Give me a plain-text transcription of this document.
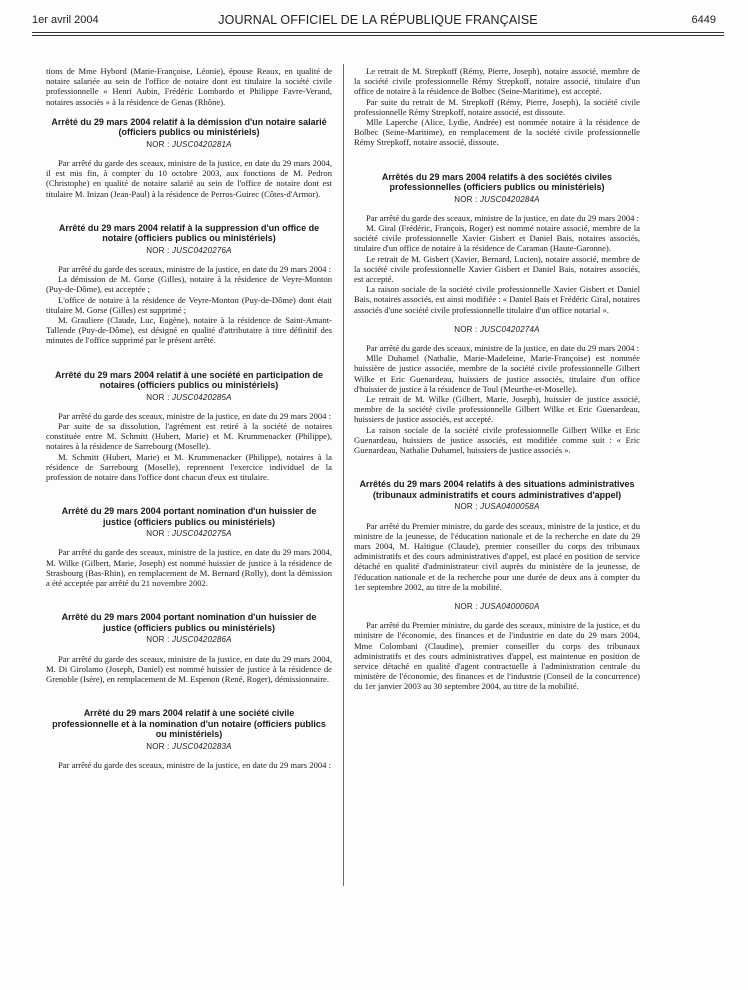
1er avril 2004	JOURNAL OFFICIEL DE LA RÉPUBLIQUE FRANÇAISE	6449

tions de Mme Hybord (Marie-Françoise, Léonie), épouse Reaux, en qualité de notaire salariée au sein de l'office de notaire dont est titulaire la société civile professionnelle « Henri Aubin, Frédéric Lombardo et Philippe Favre-Verand, notaires associés » à la résidence de Genas (Rhône).

Arrêté du 29 mars 2004 relatif à la démission d'un notaire salarié (officiers publics ou ministériels)
NOR : JUSC0420281A

Par arrêté du garde des sceaux, ministre de la justice, en date du 29 mars 2004, il est mis fin, à compter du 10 octobre 2003, aux fonctions de M. Pedron (Christophe) en qualité de notaire salarié au sein de l'office de notaire dont est titulaire M. Inizan (Jean-Paul) à la résidence de Perros-Guirec (Côtes-d'Armor).

Arrêté du 29 mars 2004 relatif à la suppression d'un office de notaire (officiers publics ou ministériels)
NOR : JUSC0420276A

Par arrêté du garde des sceaux, ministre de la justice, en date du 29 mars 2004 :

La démission de M. Gorse (Gilles), notaire à la résidence de Veyre-Monton (Puy-de-Dôme), est acceptée ;

L'office de notaire à la résidence de Veyre-Monton (Puy-de-Dôme) dont était titulaire M. Gorse (Gilles) est supprimé ;

M. Grauliere (Claude, Luc, Eugène), notaire à la résidence de Saint-Amant-Tallende (Puy-de-Dôme), est désigné en qualité d'attributaire à titre définitif des minutes de l'office supprimé par le présent arrêté.

Arrêté du 29 mars 2004 relatif à une société en participation de notaires (officiers publics ou ministériels)
NOR : JUSC0420285A

Par arrêté du garde des sceaux, ministre de la justice, en date du 29 mars 2004 :

Par suite de sa dissolution, l'agrément est retiré à la société de notaires constituée entre M. Schmitt (Hubert, Marie) et M. Krummenacker (Philippe), notaires à la résidence de Sarrebourg (Moselle).

M. Schmitt (Hubert, Marie) et M. Krummenacker (Philippe), notaires à la résidence de Sarrebourg (Moselle), reprennent l'exercice individuel de la profession de notaire dans l'office dont chacun d'eux est titulaire.

Arrêté du 29 mars 2004 portant nomination d'un huissier de justice (officiers publics ou ministériels)
NOR : JUSC0420275A

Par arrêté du garde des sceaux, ministre de la justice, en date du 29 mars 2004, M. Wilke (Gilbert, Marie, Joseph) est nommé huissier de justice à la résidence de Strasbourg (Bas-Rhin), en remplacement de M. Bernard (Rolly), dont la démission a été acceptée par arrêté du 21 novembre 2002.

Arrêté du 29 mars 2004 portant nomination d'un huissier de justice (officiers publics ou ministériels)
NOR : JUSC0420286A

Par arrêté du garde des sceaux, ministre de la justice, en date du 29 mars 2004, M. Di Girolamo (Joseph, Daniel) est nommé huissier de justice à la résidence de Grenoble (Isère), en remplacement de M. Espenon (René, Roger), démissionnaire.

Arrêté du 29 mars 2004 relatif à une société civile professionnelle et à la nomination d'un notaire (officiers publics ou ministériels)
NOR : JUSC0420283A

Par arrêté du garde des sceaux, ministre de la justice, en date du 29 mars 2004 :

Le retrait de M. Strepkoff (Rémy, Pierre, Joseph), notaire associé, membre de la société civile professionnelle Rémy Strepkoff, notaire associé, titulaire d'un office de notaire à la résidence de Bolbec (Seine-Maritime), est accepté.

Par suite du retrait de M. Strepkoff (Rémy, Pierre, Joseph), la société civile professionnelle Rémy Strepkoff, notaire associé, est dissoute.

Mlle Laperche (Alice, Lydie, Andrée) est nommée notaire à la résidence de Bolbec (Seine-Maritime), en remplacement de la société civile professionnelle Rémy Strepkoff, notaire associé, dissoute.

Arrêtés du 29 mars 2004 relatifs à des sociétés civiles professionnelles (officiers publics ou ministériels)
NOR : JUSC0420284A

Par arrêté du garde des sceaux, ministre de la justice, en date du 29 mars 2004 :

M. Giral (Frédéric, François, Roger) est nommé notaire associé, membre de la société civile professionnelle Xavier Gisbert et Daniel Bais, notaires associés, titulaire d'un office de notaire à la résidence de Caraman (Haute-Garonne).

Le retrait de M. Gisbert (Xavier, Bernard, Lucien), notaire associé, membre de la société civile professionnelle Xavier Gisbert et Daniel Bais, notaires associés, est accepté.

La raison sociale de la société civile professionnelle Xavier Gisbert et Daniel Bais, notaires associés, est ainsi modifiée : « Daniel Bais et Frédéric Giral, notaires associés d'une société civile professionnelle titulaire d'un office notarial ».

NOR : JUSC0420274A

Par arrêté du garde des sceaux, ministre de la justice, en date du 29 mars 2004 :

Mlle Duhamel (Nathalie, Marie-Madeleine, Marie-Françoise) est nommée huissière de justice associée, membre de la société civile professionnelle Gilbert Wilke et Eric Guenardeau, huissiers de justice associés, titulaire d'un office d'huissier de justice à la résidence de Toul (Meurthe-et-Moselle).

Le retrait de M. Wilke (Gilbert, Marie, Joseph), huissier de justice associé, membre de la société civile professionnelle Gilbert Wilke et Eric Guenardeau, huissiers de justice associés, est accepté.

La raison sociale de la société civile professionnelle Gilbert Wilke et Eric Guenardeau, huissiers de justice associés, est modifiée comme suit : « Eric Guenardeau, Nathalie Duhamel, huissiers de justice associés ».

Arrêtés du 29 mars 2004 relatifs à des situations administratives (tribunaux administratifs et cours administratives d'appel)
NOR : JUSA0400058A

Par arrêté du Premier ministre, du garde des sceaux, ministre de la justice, et du ministre de la jeunesse, de l'éducation nationale et de la recherche en date du 29 mars 2004, M. Haïtigue (Claude), premier conseiller du corps des tribunaux administratifs et des cours administratives d'appel, est placé en position de service détaché en qualité d'administrateur civil auprès du ministère de la jeunesse, de l'éducation nationale et de la recherche pour une durée de deux ans à compter du 1er septembre 2002, au titre de la mobilité.

NOR : JUSA0400060A

Par arrêté du Premier ministre, du garde des sceaux, ministre de la justice, et du ministre de l'économie, des finances et de l'industrie en date du 29 mars 2004, Mme Colombani (Claudine), premier conseiller du corps des tribunaux administratifs et des cours administratives d'appel, est maintenue en position de service détaché en qualité d'agent contractuelle à l'administration centrale du ministère de l'économie, des finances et de l'industrie (Conseil de la concurrence) du 1er janvier 2003 au 30 septembre 2004, au titre de la mobilité.
